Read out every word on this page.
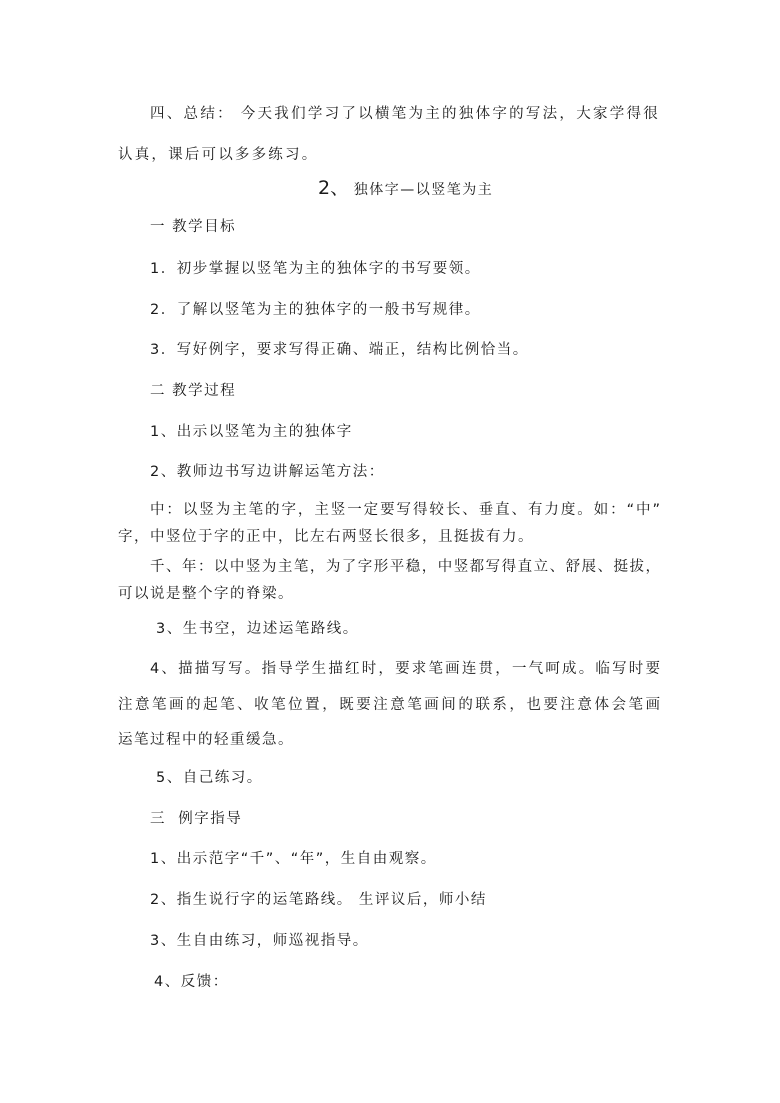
四、总结： 今天我们学习了以横笔为主的独体字的写法，大家学得很
认真，课后可以多多练习。
2、 独体字—以竖笔为主
一 教学目标
1．初步掌握以竖笔为主的独体字的书写要领。
2．了解以竖笔为主的独体字的一般书写规律。
3．写好例字，要求写得正确、端正，结构比例恰当。
二 教学过程
1、出示以竖笔为主的独体字
2、教师边书写边讲解运笔方法：
中：以竖为主笔的字，主竖一定要写得较长、垂直、有力度。如：“中”
字，中竖位于字的正中，比左右两竖长很多，且挺拔有力。
千、年：以中竖为主笔，为了字形平稳，中竖都写得直立、舒展、挺拔，
可以说是整个字的脊梁。
3、生书空，边述运笔路线。
4、描描写写。指导学生描红时，要求笔画连贯，一气呵成。临写时要
注意笔画的起笔、收笔位置，既要注意笔画间的联系，也要注意体会笔画
运笔过程中的轻重缓急。
5、自己练习。
三  例字指导
1、出示范字“千”、“年”，生自由观察。
2、指生说行字的运笔路线。 生评议后，师小结
3、生自由练习，师巡视指导。
4、反馈：
